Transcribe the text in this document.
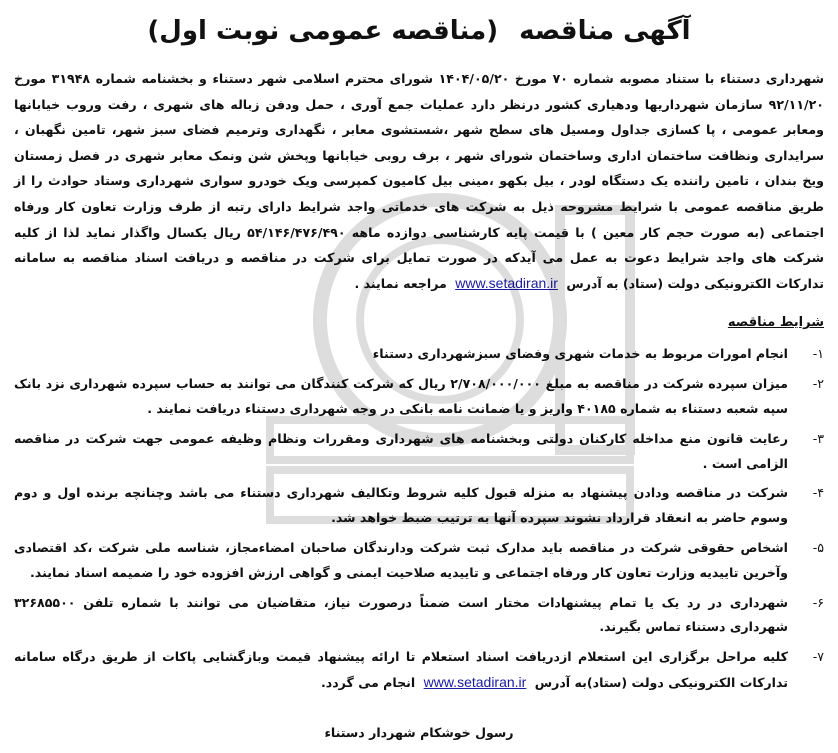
آگهی مناقصه (مناقصه عمومی نوبت اول)

شهرداری دستناء با ستناد مصوبه شماره ۷۰ مورخ ۱۴۰۴/۰۵/۲۰ شورای محترم اسلامی شهر دستناء و بخشنامه شماره ۳۱۹۴۸ مورخ ۹۲/۱۱/۲۰ سازمان شهرداریها ودهیاری کشور درنظر دارد عملیات جمع آوری ، حمل ودفن زباله های شهری ، رفت وروب خیابانها ومعابر عمومی ، پا کسازی جداول ومسیل های سطح شهر ،شستشوی معابر ، نگهداری وترمیم فضای سبز شهر، تامین نگهبان ، سرایداری ونظافت ساختمان اداری وساختمان شورای شهر ، برف روبی خیابانها وپخش شن ونمک معابر شهری در فصل زمستان ویخ بندان ، تامین راننده یک دستگاه لودر ، بیل بکهو ،مینی بیل کامیون کمپرسی ویک خودرو سواری شهرداری وستاد حوادث را از طریق مناقصه عمومی با شرایط مشروحه ذیل به شرکت های خدماتی واجد شرایط دارای رتبه از طرف وزارت تعاون کار ورفاه اجتماعی (به صورت حجم کار معین ) با قیمت پایه کارشناسی دوازده ماهه ۵۴/۱۴۶/۴۷۶/۴۹۰ ریال یکسال واگذار نماید لذا از کلیه شرکت های واجد شرایط دعوت به عمل می آیدکه در صورت تمایل برای شرکت در مناقصه و دریافت اسناد مناقصه به سامانه تدارکات الکترونیکی دولت (ستاد) به آدرس www.setadiran.ir مراجعه نمایند .

شرایط مناقصه
۱-
انجام امورات مربوط به خدمات شهری وفضای سبزشهرداری دستناء
۲-
میزان سپرده شرکت در مناقصه به مبلغ ۲/۷۰۸/۰۰۰/۰۰۰ ریال که شرکت کنندگان می توانند به حساب سپرده شهرداری نزد بانک سپه شعبه دستناء به شماره ۴۰۱۸۵ واریز و یا ضمانت نامه بانکی در وجه شهرداری دستناء دریافت نمایند .
۳-
رعایت قانون منع مداخله کارکنان دولتی وبخشنامه های شهرداری ومقررات ونظام وظیفه عمومی جهت شرکت در مناقصه الزامی است .
۴-
شرکت در مناقصه ودادن پیشنهاد به منزله قبول کلیه شروط وتکالیف شهرداری دستناء می باشد وچنانچه برنده اول و دوم وسوم حاضر به انعقاد قرارداد نشوند سپرده آنها به ترتیب ضبط خواهد شد.
۵-
اشخاص حقوقی شرکت در مناقصه باید مدارک ثبت شرکت ودارندگان صاحبان امضاءمجاز، شناسه ملی شرکت ،کد اقتصادی وآخرین تاییدیه وزارت تعاون کار ورفاه اجتماعی و تاییدیه صلاحیت ایمنی و گواهی ارزش افزوده خود را ضمیمه اسناد نمایند.
۶-
شهرداری در رد یک یا تمام پیشنهادات مختار است ضمناً درصورت نیاز، متقاضیان می توانند با شماره تلفن ۳۲۶۸۵۵۰۰ شهرداری دستناء تماس بگیرند.
۷-
کلیه مراحل برگزاری این استعلام ازدریافت اسناد استعلام تا ارائه پیشنهاد قیمت وبازگشایی پاکات از طریق درگاه سامانه تدارکات الکترونیکی دولت (ستاد)به آدرس www.setadiran.ir انجام می گردد.
رسول خوشکام شهردار دستناء
